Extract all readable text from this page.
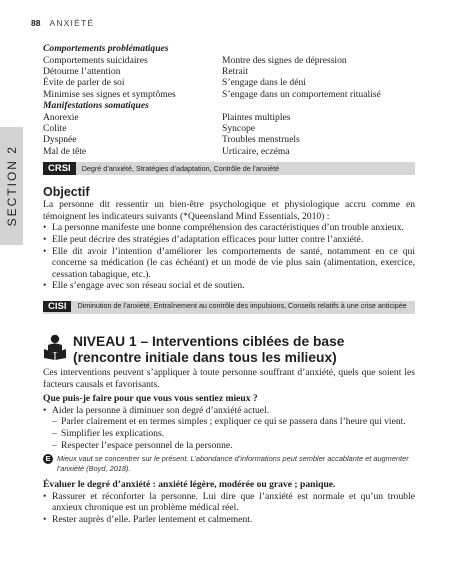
88 ANXIÉTÉ
SECTION 2
Comportements problématiques
Comportements suicidaires	Montre des signes de dépression
Détourne l’attention	Retrait
Évite de parler de soi	S’engage dans le déni
Minimise ses signes et symptômes	S’engage dans un comportement ritualisé
Manifestations somatiques
Anorexie	Plaintes multiples
Colite	Syncope
Dyspnée	Troubles menstruels
Mal de tête	Urticaire, eczéma
CRSI	Degré d’anxiété, Stratégies d’adaptation, Contrôle de l’anxiété
Objectif
La personne dit ressentir un bien-être psychologique et physiologique accru comme en témoignent les indicateurs suivants (*Queensland Mind Essentials, 2010) :
• La personne manifeste une bonne compréhension des caractéristiques d’un trouble anxieux.
• Elle peut décrire des stratégies d’adaptation efficaces pour lutter contre l’anxiété.
• Elle dit avoir l’intention d’améliorer les comportements de santé, notamment en ce qui concerne sa médication (le cas échéant) et un mode de vie plus sain (alimentation, exercice, cessation tabagique, etc.).
• Elle s’engage avec son réseau social et de soutien.
CISI Diminution de l’anxiété, Entraînement au contrôle des impulsions, Conseils relatifs à une crise anticipée
NIVEAU 1 – Interventions ciblées de base
(rencontre initiale dans tous les milieux)
Ces interventions peuvent s’appliquer à toute personne souffrant d’anxiété, quels que soient les facteurs causals et favorisants.
Que puis-je faire pour que vous vous sentiez mieux ?
• Aider la personne à diminuer son degré d’anxiété actuel.
– Parler clairement et en termes simples ; expliquer ce qui se passera dans l’heure qui vient.
– Simplifier les explications.
– Respecter l’espace personnel de la personne.
E Mieux vaut se concentrer sur le présent. L’abondance d’informations peut sembler accablante et augmenter l’anxiété (Boyd, 2018).
Évaluer le degré d’anxiété : anxiété légère, modérée ou grave ; panique.
• Rassurer et réconforter la personne. Lui dire que l’anxiété est normale et qu’un trouble anxieux chronique est un problème médical réel.
• Rester auprès d’elle. Parler lentement et calmement.
